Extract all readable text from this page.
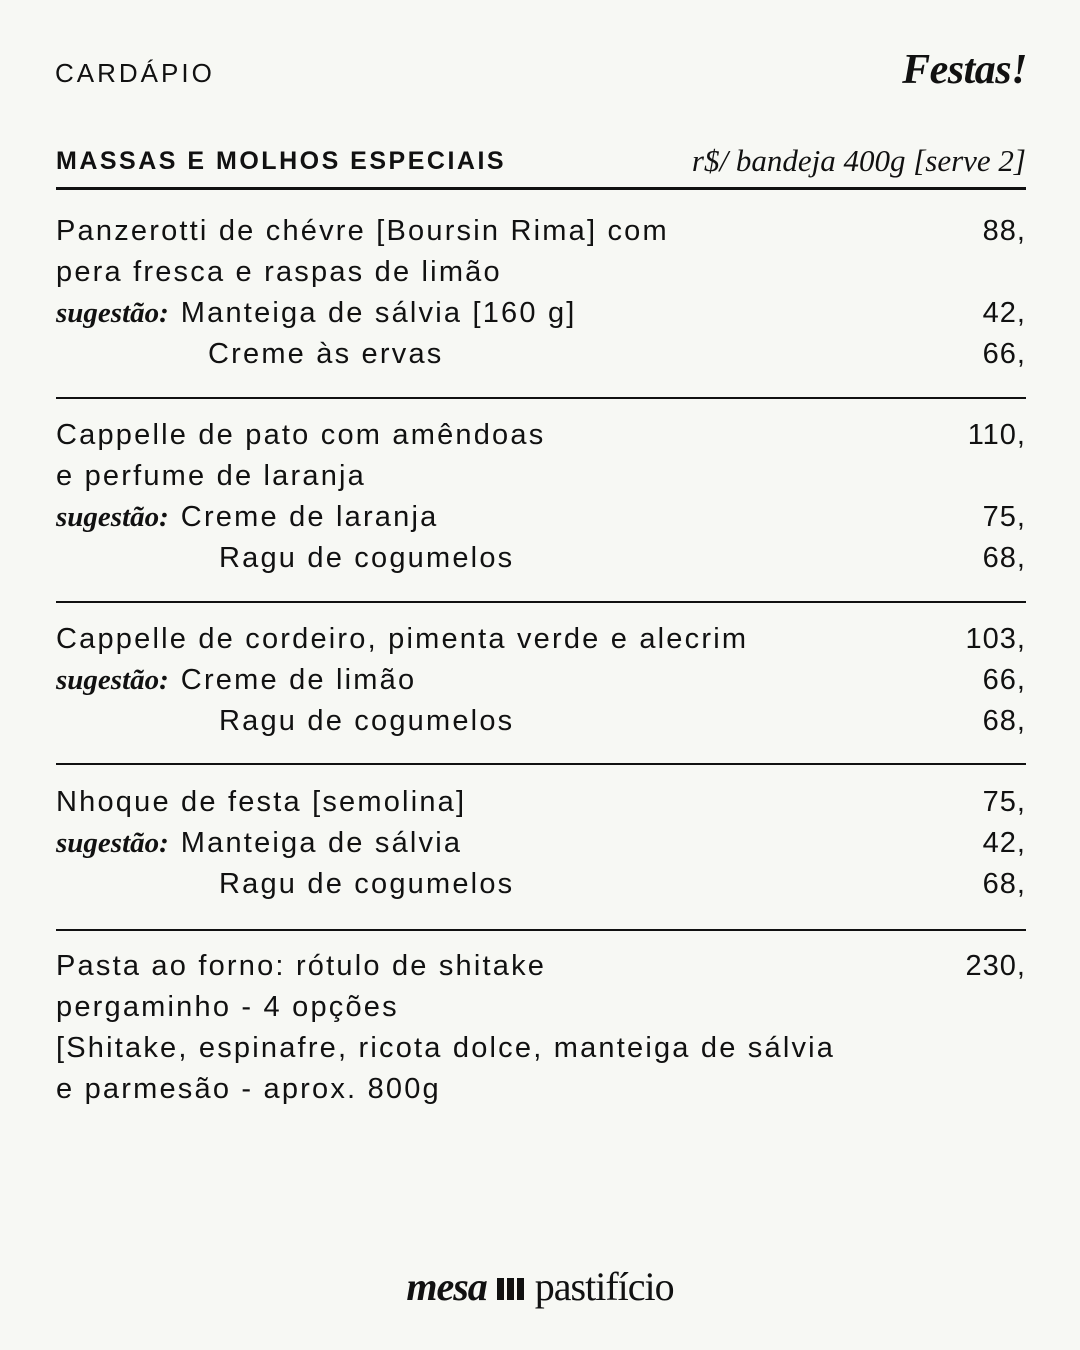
CARDÁPIO	Festas!
MASSAS E MOLHOS ESPECIAIS	r$/ bandeja 400g [serve 2]
Panzerotti de chévre [Boursin Rima] com	88,
pera fresca e raspas de limão
sugestão: Manteiga de sálvia [160 g]	42,
Creme às ervas	66,
Cappelle de pato com amêndoas	110,
e perfume de laranja
sugestão: Creme de laranja	75,
Ragu de cogumelos	68,
Cappelle de cordeiro, pimenta verde e alecrim	103,
sugestão: Creme de limão	66,
Ragu de cogumelos	68,
Nhoque de festa [semolina]	75,
sugestão: Manteiga de sálvia	42,
Ragu de cogumelos	68,
Pasta ao forno: rótulo de shitake	230,
pergaminho - 4 opções
[Shitake, espinafre, ricota dolce, manteiga de sálvia
e parmesão - aprox. 800g
mesa pastifício
